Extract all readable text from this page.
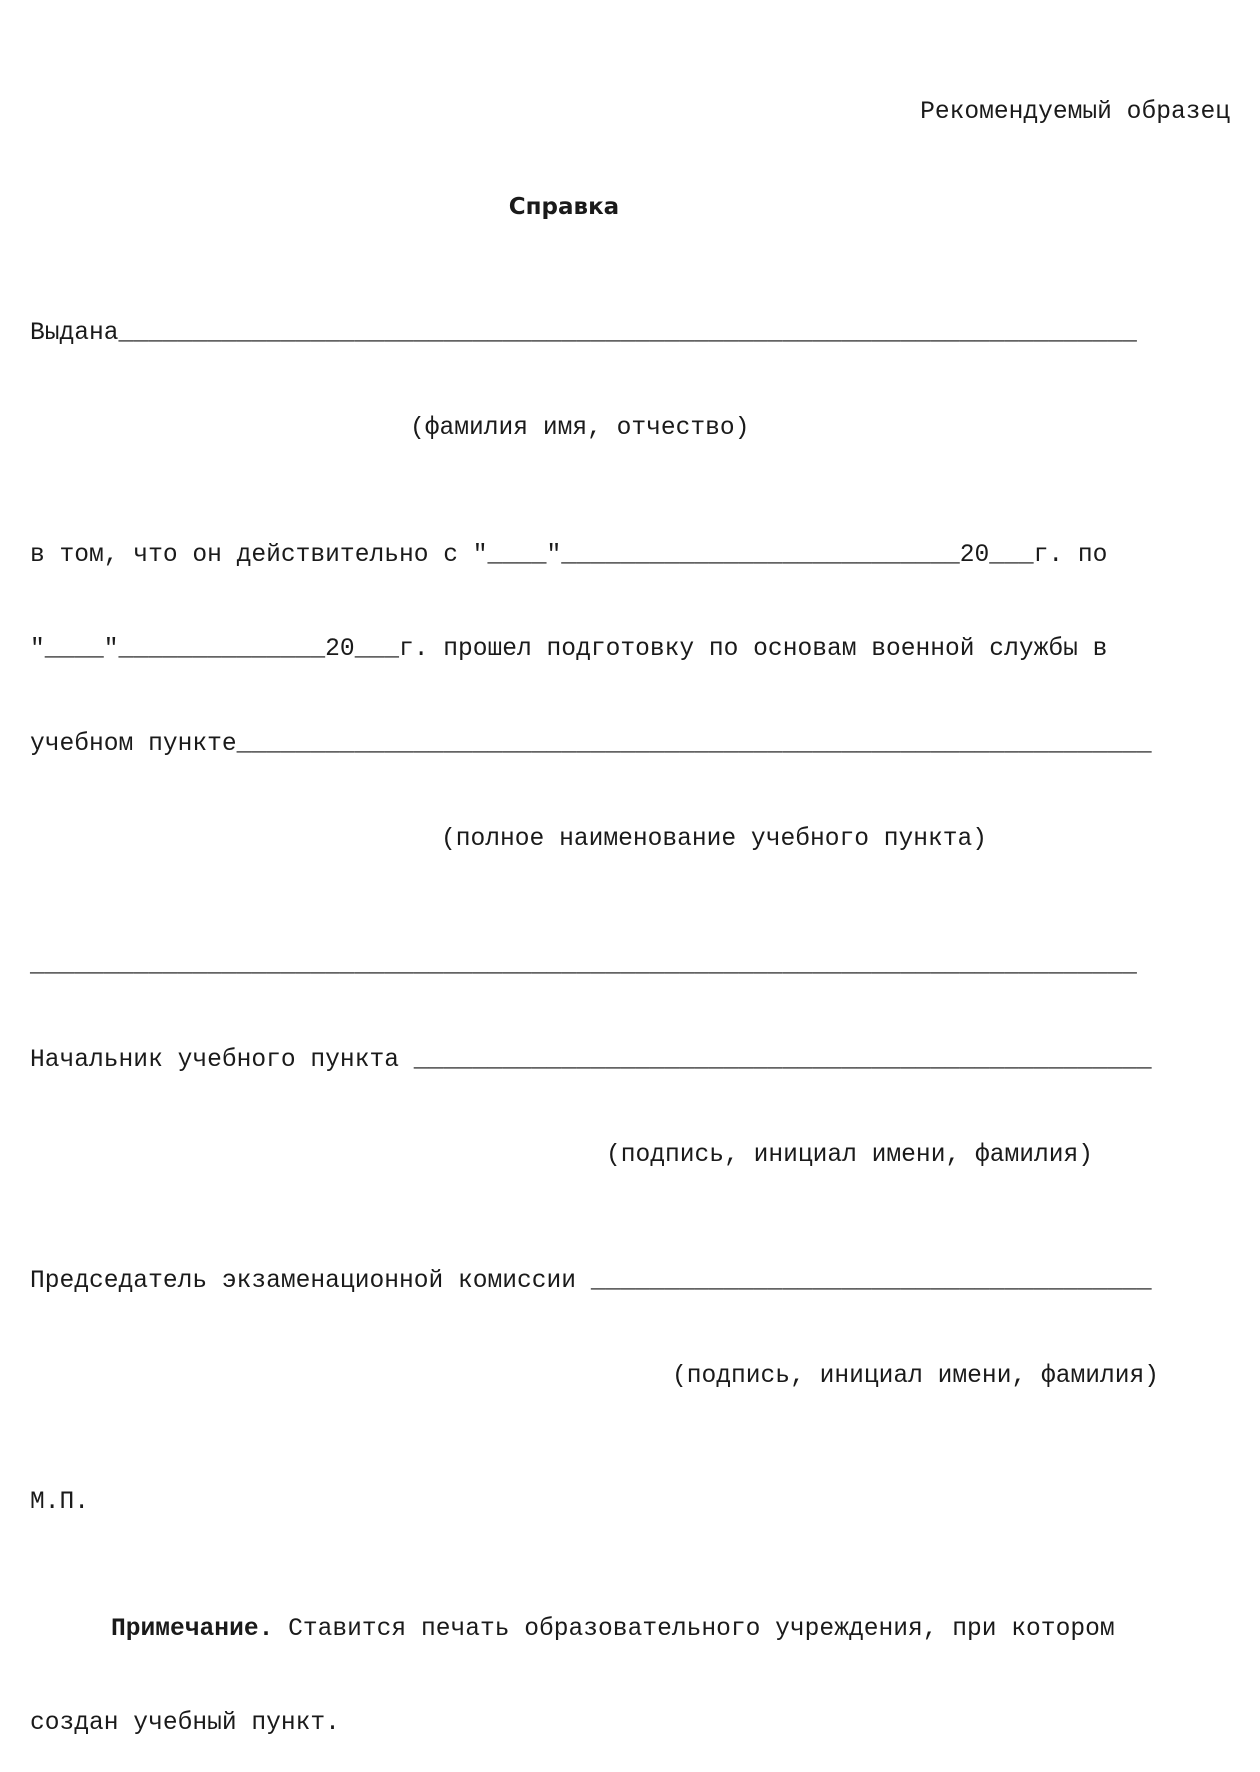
Рекомендуемый образец

Справка

Выдана_____________________________________________________________________

(фамилия имя, отчество)

в том, что он действительно с "____"___________________________20___г. по

"____"______________20___г. прошел подготовку по основам военной службы в

учебном пункте______________________________________________________________

(полное наименование учебного пункта)

___________________________________________________________________________

Начальник учебного пункта __________________________________________________

(подпись, инициал имени, фамилия)

Председатель экзаменационной комиссии ______________________________________

(подпись, инициал имени, фамилия)

М.П.

Примечание. Ставится печать образовательного учреждения, при котором

создан учебный пункт.
